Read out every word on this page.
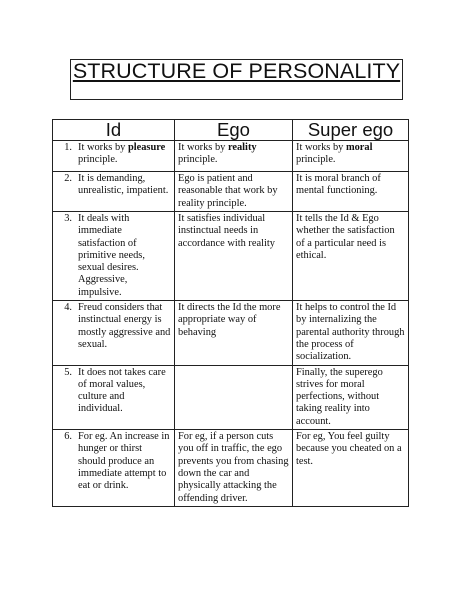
STRUCTURE OF PERSONALITY
Id	Ego	Super ego

1. It works by pleasure principle.	It works by reality principle.	It works by moral principle.

2. It is demanding, unrealistic, impatient.	Ego is patient and reasonable that work by reality principle.	It is moral branch of mental functioning.

3. It deals with immediate satisfaction of primitive needs, sexual desires. Aggressive, impulsive.	It satisfies individual instinctual needs in accordance with reality	It tells the Id & Ego whether the satisfaction of a particular need is ethical.

4. Freud considers that instinctual energy is mostly aggressive and sexual.	It directs the Id the more appropriate way of behaving	It helps to control the Id by internalizing the parental authority through the process of socialization.

5. It does not takes care of moral values, culture and individual.		Finally, the superego strives for moral perfections, without taking reality into account.

6. For eg. An increase in hunger or thirst should produce an immediate attempt to eat or drink.	For eg, if a person cuts you off in traffic, the ego prevents you from chasing down the car and physically attacking the offending driver.	For eg, You feel guilty because you cheated on a test.
